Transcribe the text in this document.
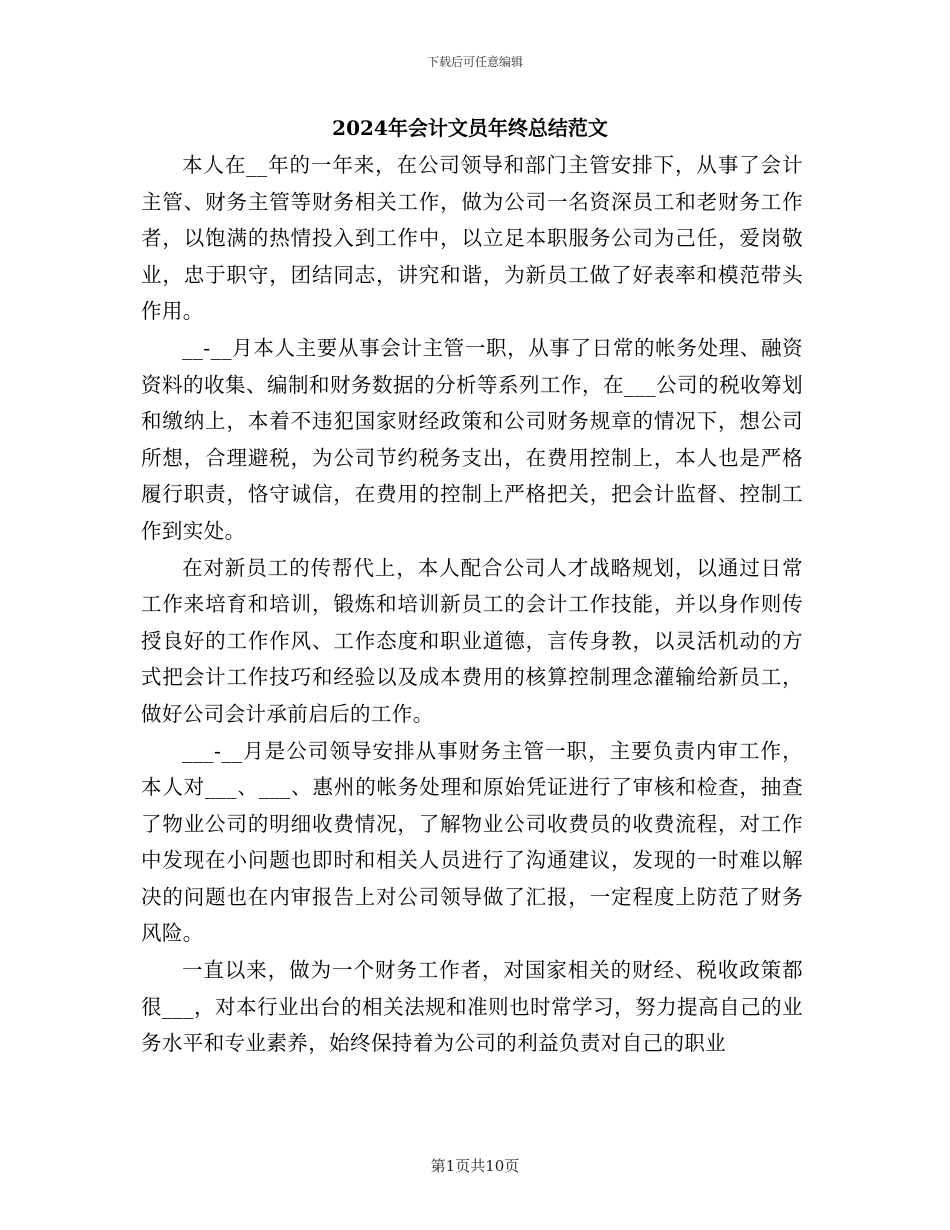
下载后可任意编辑
2024年会计文员年终总结范文

本人在__年的一年来，在公司领导和部门主管安排下，从事了会计主管、财务主管等财务相关工作，做为公司一名资深员工和老财务工作者，以饱满的热情投入到工作中，以立足本职服务公司为己任，爱岗敬业，忠于职守，团结同志，讲究和谐，为新员工做了好表率和模范带头作用。

__-__月本人主要从事会计主管一职，从事了日常的帐务处理、融资资料的收集、编制和财务数据的分析等系列工作，在___公司的税收筹划和缴纳上，本着不违犯国家财经政策和公司财务规章的情况下，想公司所想，合理避税，为公司节约税务支出，在费用控制上，本人也是严格履行职责，恪守诚信，在费用的控制上严格把关，把会计监督、控制工作到实处。

在对新员工的传帮代上，本人配合公司人才战略规划，以通过日常工作来培育和培训，锻炼和培训新员工的会计工作技能，并以身作则传授良好的工作作风、工作态度和职业道德，言传身教，以灵活机动的方式把会计工作技巧和经验以及成本费用的核算控制理念灌输给新员工，做好公司会计承前启后的工作。

___-__月是公司领导安排从事财务主管一职，主要负责内审工作，本人对___、___、惠州的帐务处理和原始凭证进行了审核和检查，抽查了物业公司的明细收费情况，了解物业公司收费员的收费流程，对工作中发现在小问题也即时和相关人员进行了沟通建议，发现的一时难以解决的问题也在内审报告上对公司领导做了汇报，一定程度上防范了财务风险。

一直以来，做为一个财务工作者，对国家相关的财经、税收政策都很___，对本行业出台的相关法规和准则也时常学习，努力提高自己的业务水平和专业素养，始终保持着为公司的利益负责对自己的职业

第1页共10页
